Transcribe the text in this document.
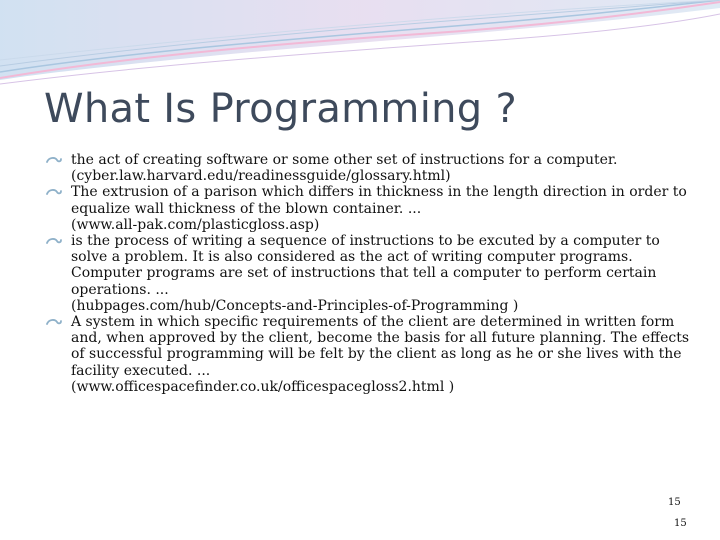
What Is Programming ?
the act of creating software or some other set of instructions for a computer.
(cyber.law.harvard.edu/readinessguide/glossary.html)
The extrusion of a parison which differs in thickness in the length direction in order to equalize wall thickness of the blown container. ...
(www.all-pak.com/plasticgloss.asp)
is the process of writing a sequence of instructions to be excuted by a computer to solve a problem. It is also considered as the act of writing computer programs. Computer programs are set of instructions that tell a computer to perform certain operations. ...
(hubpages.com/hub/Concepts-and-Principles-of-Programming )
A system in which specific requirements of the client are determined in written form and, when approved by the client, become the basis for all future planning. The effects of successful programming will be felt by the client as long as he or she lives with the facility executed. ...
(www.officespacefinder.co.uk/officespacegloss2.html )
15
15
